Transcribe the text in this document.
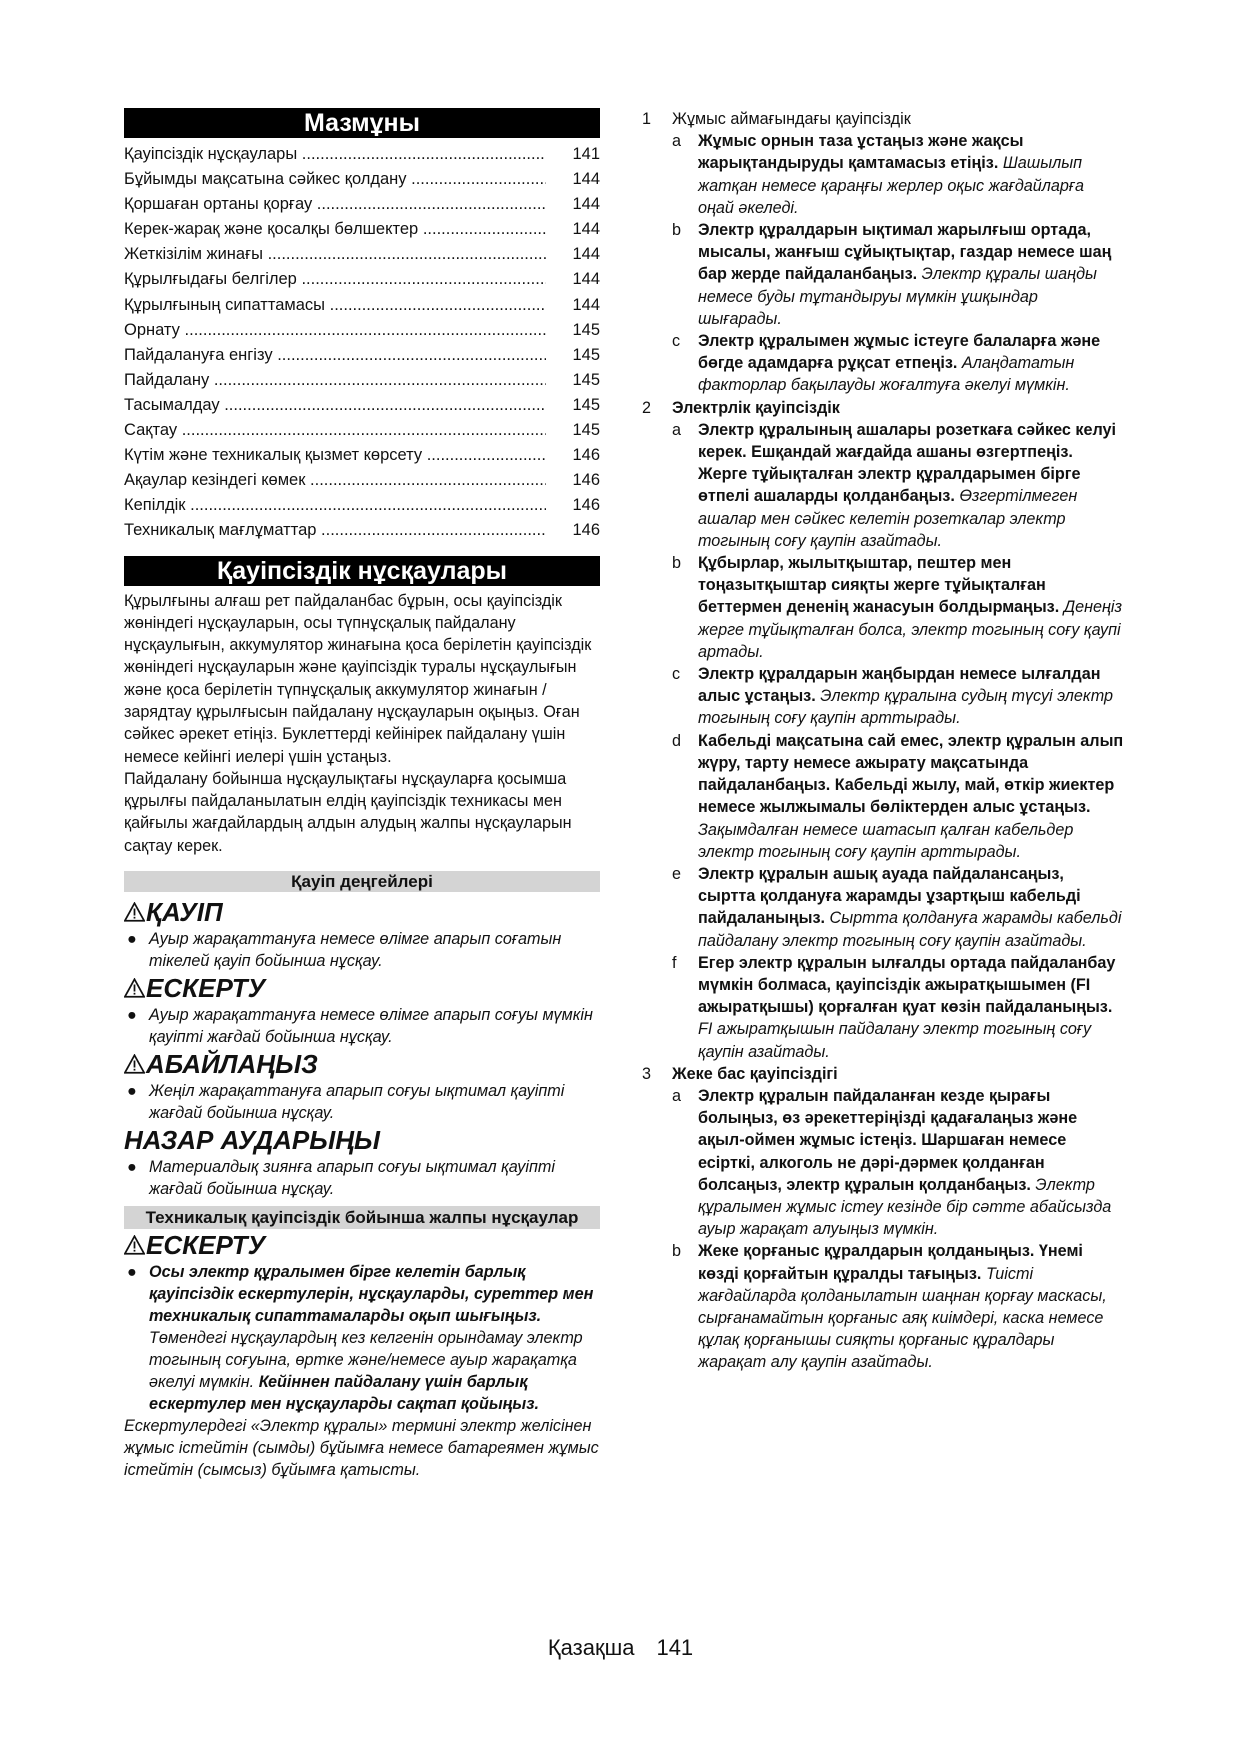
Мазмұны
Қауіпсіздік нұсқаулары .....	141
Бұйымды мақсатына сәйкес қолдану .....	144
Қоршаған ортаны қорғау .....	144
Керек-жарақ және қосалқы бөлшектер .....	144
Жеткізілім жинағы .....	144
Құрылғыдағы белгілер .....	144
Құрылғының сипаттамасы .....	144
Орнату .....	145
Пайдалануға енгізу .....	145
Пайдалану .....	145
Тасымалдау .....	145
Сақтау .....	145
Күтім және техникалық қызмет көрсету .....	146
Ақаулар кезіндегі көмек .....	146
Кепілдік .....	146
Техникалық мағлұматтар .....	146
Қауіпсіздік нұсқаулары

Құрылғыны алғаш рет пайдаланбас бұрын, осы қауіпсіздік жөніндегі нұсқауларын, осы түпнұсқалық пайдалану нұсқаулығын, аккумулятор жинағына қоса берілетін қауіпсіздік жөніндегі нұсқауларын және қауіпсіздік туралы нұсқаулығын және қоса берілетін түпнұсқалық аккумулятор жинағын / зарядтау құрылғысын пайдалану нұсқауларын оқыңыз. Оған сәйкес әрекет етіңіз. Буклеттерді кейінірек пайдалану үшін немесе кейінгі иелері үшін ұстаңыз.

Пайдалану бойынша нұсқаулықтағы нұсқауларға қосымша құрылғы пайдаланылатын елдің қауіпсіздік техникасы мен қайғылы жағдайлардың алдын алудың жалпы нұсқауларын сақтау керек.

Қауіп деңгейлері
ҚАУІП
● Ауыр жарақаттануға немесе өлімге апарып соғатын тікелей қауіп бойынша нұсқау.
ЕСКЕРТУ
● Ауыр жарақаттануға немесе өлімге апарып соғуы мүмкін қауіпті жағдай бойынша нұсқау.
АБАЙЛАҢЫЗ
● Жеңіл жарақаттануға апарып соғуы ықтимал қауіпті жағдай бойынша нұсқау.
НАЗАР АУДАРЫҢЫ
● Материалдық зиянға апарып соғуы ықтимал қауіпті жағдай бойынша нұсқау.
Техникалық қауіпсіздік бойынша жалпы нұсқаулар
ЕСКЕРТУ
● Осы электр құралымен бірге келетін барлық қауіпсіздік ескертулерін, нұсқауларды, суреттер мен техникалық сипаттамаларды оқып шығыңыз.
Төмендегі нұсқаулардың кез келгенін орындамау электр тогының соғуына, өртке және/немесе ауыр жарақатқа әкелуі мүмкін. Кейіннен пайдалану үшін барлық ескертулер мен нұсқауларды сақтап қойыңыз.
Ескертулердегі «Электр құралы» термині электр желісінен жұмыс істейтін (сымды) бұйымға немесе батареямен жұмыс істейтін (сымсыз) бұйымға қатысты.
1	Жұмыс аймағындағы қауіпсіздік
a	Жұмыс орнын таза ұстаңыз және жақсы жарықтандыруды қамтамасыз етіңіз. Шашылып жатқан немесе қараңғы жерлер оқыс жағдайларға оңай әкеледі.
b	Электр құралдарын ықтимал жарылғыш ортада, мысалы, жанғыш сұйықтықтар, газдар немесе шаң бар жерде пайдаланбаңыз. Электр құралы шаңды немесе буды тұтандыруы мүмкін ұшқындар шығарады.
c	Электр құралымен жұмыс істеуге балаларға және бөгде адамдарға рұқсат етпеңіз. Алаңдататын факторлар бақылауды жоғалтуға әкелуі мүмкін.
2	Электрлік қауіпсіздік
a	Электр құралының ашалары розеткаға сәйкес келуі керек. Ешқандай жағдайда ашаны өзгертпеңіз. Жерге тұйықталған электр құралдарымен бірге өтпелі ашаларды қолданбаңыз. Өзгертілмеген ашалар мен сәйкес келетін розеткалар электр тогының соғу қаупін азайтады.
b	Құбырлар, жылытқыштар, пештер мен тоңазытқыштар сияқты жерге тұйықталған беттермен дененің жанасуын болдырмаңыз. Денеңіз жерге тұйықталған болса, электр тогының соғу қаупі артады.
c	Электр құралдарын жаңбырдан немесе ылғалдан алыс ұстаңыз. Электр құралына судың түсуі электр тогының соғу қаупін арттырады.
d	Кабельді мақсатына сай емес, электр құралын алып жүру, тарту немесе ажырату мақсатында пайдаланбаңыз. Кабельді жылу, май, өткір жиектер немесе жылжымалы бөліктерден алыс ұстаңыз. Зақымдалған немесе шатасып қалған кабельдер электр тогының соғу қаупін арттырады.
e	Электр құралын ашық ауада пайдалансаңыз, сыртта қолдануға жарамды ұзартқыш кабельді пайдаланыңыз. Сыртта қолдануға жарамды кабельді пайдалану электр тогының соғу қаупін азайтады.
f	Егер электр құралын ылғалды ортада пайдаланбау мүмкін болмаса, қауіпсіздік ажыратқышымен (FI ажыратқышы) қорғалған қуат көзін пайдаланыңыз. FI ажыратқышын пайдалану электр тогының соғу қаупін азайтады.
3	Жеке бас қауіпсіздігі
a	Электр құралын пайдаланған кезде қырағы болыңыз, өз әрекеттеріңізді қадағалаңыз және ақыл-оймен жұмыс істеңіз. Шаршаған немесе есірткі, алкоголь не дәрі-дәрмек қолданған болсаңыз, электр құралын қолданбаңыз. Электр құралымен жұмыс істеу кезінде бір сәтте абайсызда ауыр жарақат алуыңыз мүмкін.
b	Жеке қорғаныс құралдарын қолданыңыз. Үнемі көзді қорғайтын құралды тағыңыз. Тиісті жағдайларда қолданылатын шаңнан қорғау маскасы, сырғанамайтын қорғаныс аяқ киімдері, каска немесе құлақ қорғанышы сияқты қорғаныс құралдары жарақат алу қаупін азайтады.
Қазақша 141
